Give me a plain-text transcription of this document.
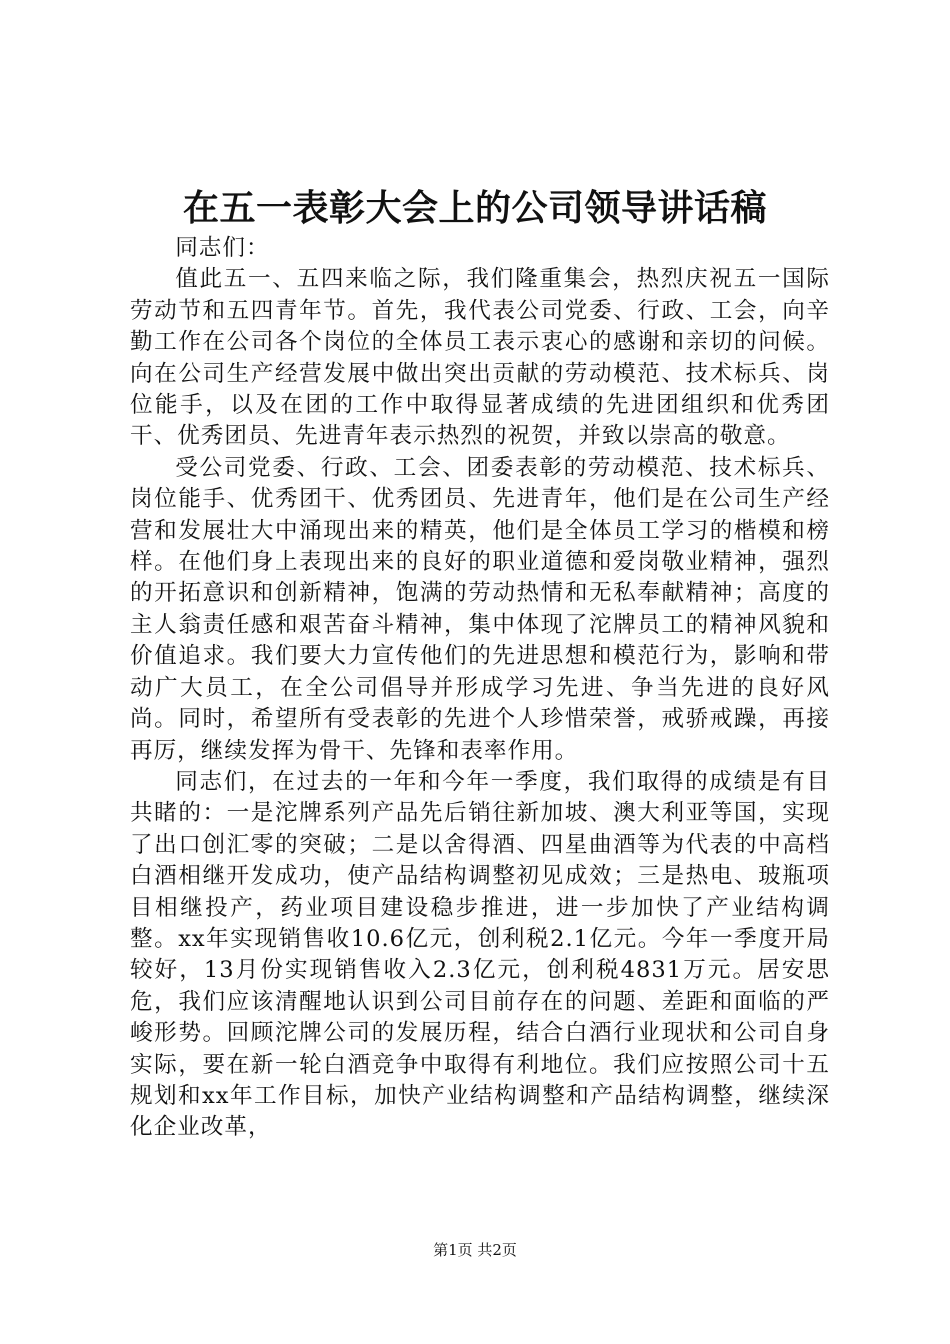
在五一表彰大会上的公司领导讲话稿

同志们：

值此五一、五四来临之际，我们隆重集会，热烈庆祝五一国际劳动节和五四青年节。首先，我代表公司党委、行政、工会，向辛勤工作在公司各个岗位的全体员工表示衷心的感谢和亲切的问候。向在公司生产经营发展中做出突出贡献的劳动模范、技术标兵、岗位能手，以及在团的工作中取得显著成绩的先进团组织和优秀团干、优秀团员、先进青年表示热烈的祝贺，并致以崇高的敬意。

受公司党委、行政、工会、团委表彰的劳动模范、技术标兵、岗位能手、优秀团干、优秀团员、先进青年，他们是在公司生产经营和发展壮大中涌现出来的精英，他们是全体员工学习的楷模和榜样。在他们身上表现出来的良好的职业道德和爱岗敬业精神，强烈的开拓意识和创新精神，饱满的劳动热情和无私奉献精神；高度的主人翁责任感和艰苦奋斗精神，集中体现了沱牌员工的精神风貌和价值追求。我们要大力宣传他们的先进思想和模范行为，影响和带动广大员工，在全公司倡导并形成学习先进、争当先进的良好风尚。同时，希望所有受表彰的先进个人珍惜荣誉，戒骄戒躁，再接再厉，继续发挥为骨干、先锋和表率作用。

同志们，在过去的一年和今年一季度，我们取得的成绩是有目共睹的：一是沱牌系列产品先后销往新加坡、澳大利亚等国，实现了出口创汇零的突破；二是以舍得酒、四星曲酒等为代表的中高档白酒相继开发成功，使产品结构调整初见成效；三是热电、玻瓶项目相继投产，药业项目建设稳步推进，进一步加快了产业结构调整。xx年实现销售收10.6亿元，创利税2.1亿元。今年一季度开局较好，13月份实现销售收入2.3亿元，创利税4831万元。居安思危，我们应该清醒地认识到公司目前存在的问题、差距和面临的严峻形势。回顾沱牌公司的发展历程，结合白酒行业现状和公司自身实际，要在新一轮白酒竞争中取得有利地位。我们应按照公司十五规划和xx年工作目标，加快产业结构调整和产品结构调整，继续深化企业改革，

第1页 共2页
